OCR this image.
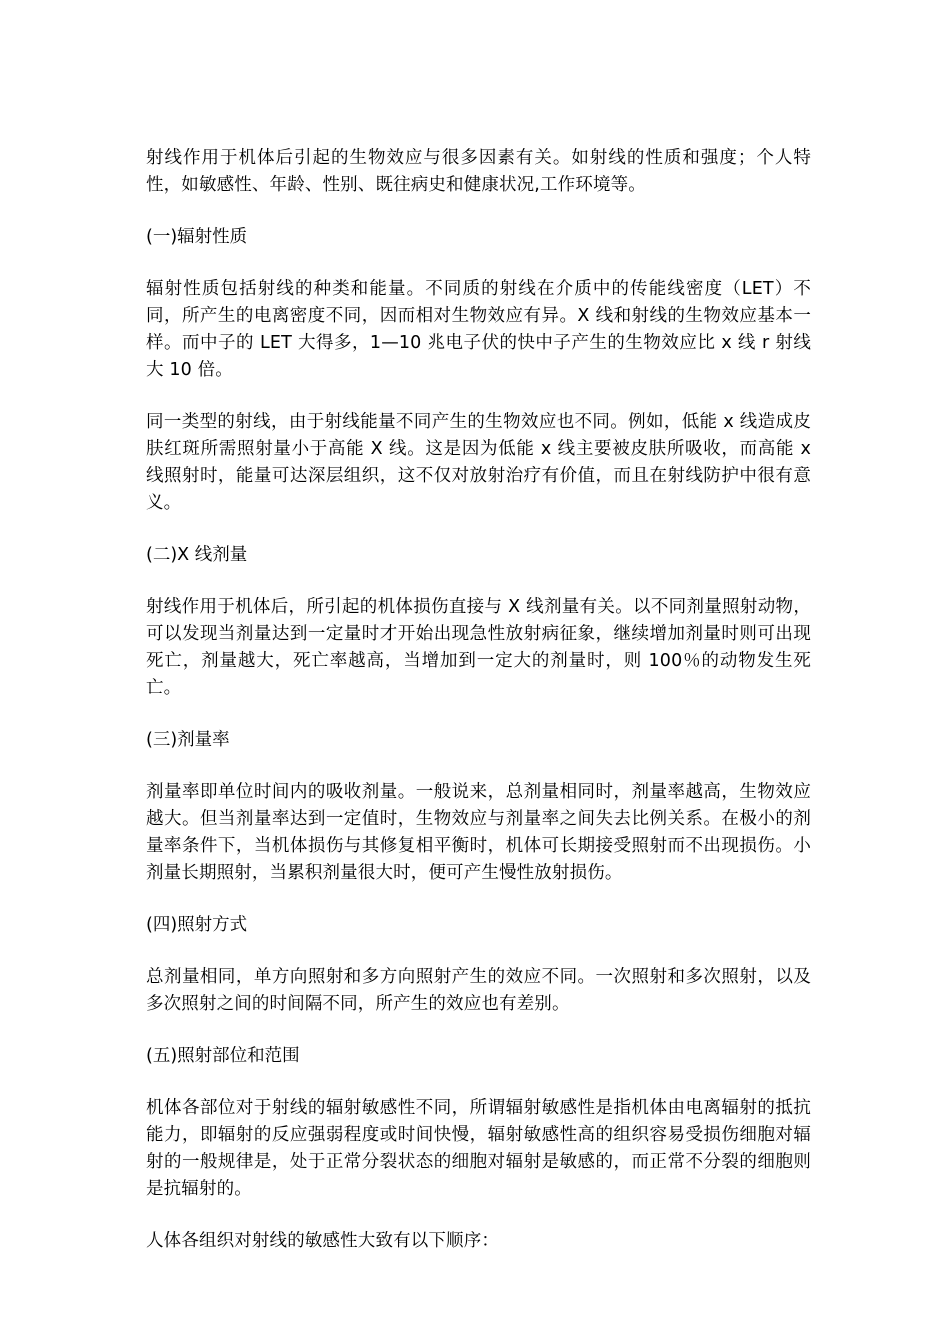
射线作用于机体后引起的生物效应与很多因素有关。如射线的性质和强度；个人特性，如敏感性、年龄、性别、既往病史和健康状况,工作环境等。

(一)辐射性质

辐射性质包括射线的种类和能量。不同质的射线在介质中的传能线密度（LET）不同，所产生的电离密度不同，因而相对生物效应有异。X 线和射线的生物效应基本一样。而中子的 LET 大得多，1—10 兆电子伏的快中子产生的生物效应比 x 线 r 射线大 10 倍。

同一类型的射线，由于射线能量不同产生的生物效应也不同。例如，低能 x 线造成皮肤红斑所需照射量小于高能 X 线。这是因为低能 x 线主要被皮肤所吸收，而高能 x 线照射时，能量可达深层组织，这不仅对放射治疗有价值，而且在射线防护中很有意义。

(二)X 线剂量

射线作用于机体后，所引起的机体损伤直接与 X 线剂量有关。以不同剂量照射动物，可以发现当剂量达到一定量时才开始出现急性放射病征象，继续增加剂量时则可出现死亡，剂量越大，死亡率越高，当增加到一定大的剂量时，则 100％的动物发生死亡。

(三)剂量率

剂量率即单位时间内的吸收剂量。一般说来，总剂量相同时，剂量率越高，生物效应越大。但当剂量率达到一定值时，生物效应与剂量率之间失去比例关系。在极小的剂量率条件下，当机体损伤与其修复相平衡时，机体可长期接受照射而不出现损伤。小剂量长期照射，当累积剂量很大时，便可产生慢性放射损伤。

(四)照射方式

总剂量相同，单方向照射和多方向照射产生的效应不同。一次照射和多次照射，以及多次照射之间的时间隔不同，所产生的效应也有差别。

(五)照射部位和范围

机体各部位对于射线的辐射敏感性不同，所谓辐射敏感性是指机体由电离辐射的抵抗能力，即辐射的反应强弱程度或时间快慢，辐射敏感性高的组织容易受损伤细胞对辐射的一般规律是，处于正常分裂状态的细胞对辐射是敏感的，而正常不分裂的细胞则是抗辐射的。

人体各组织对射线的敏感性大致有以下顺序：
